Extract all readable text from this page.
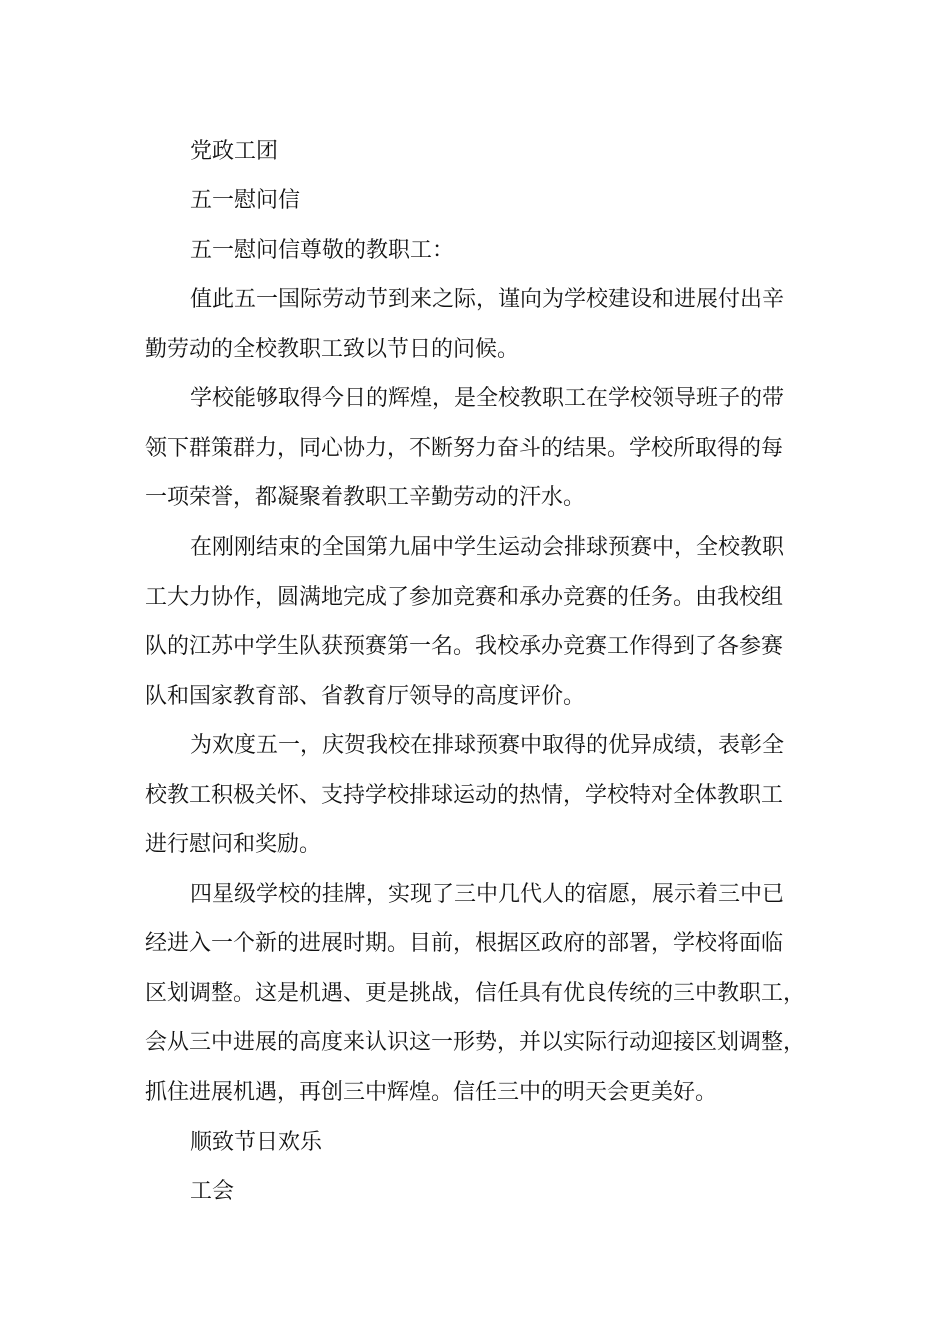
党政工团
五一慰问信
五一慰问信尊敬的教职工：
值此五一国际劳动节到来之际，谨向为学校建设和进展付出辛
勤劳动的全校教职工致以节日的问候。
学校能够取得今日的辉煌，是全校教职工在学校领导班子的带
领下群策群力，同心协力，不断努力奋斗的结果。学校所取得的每
一项荣誉，都凝聚着教职工辛勤劳动的汗水。
在刚刚结束的全国第九届中学生运动会排球预赛中，全校教职
工大力协作，圆满地完成了参加竞赛和承办竞赛的任务。由我校组
队的江苏中学生队获预赛第一名。我校承办竞赛工作得到了各参赛
队和国家教育部、省教育厅领导的高度评价。
为欢度五一，庆贺我校在排球预赛中取得的优异成绩，表彰全
校教工积极关怀、支持学校排球运动的热情，学校特对全体教职工
进行慰问和奖励。
四星级学校的挂牌，实现了三中几代人的宿愿，展示着三中已
经进入一个新的进展时期。目前，根据区政府的部署，学校将面临
区划调整。这是机遇、更是挑战，信任具有优良传统的三中教职工，
会从三中进展的高度来认识这一形势，并以实际行动迎接区划调整，
抓住进展机遇，再创三中辉煌。信任三中的明天会更美好。
顺致节日欢乐
工会
